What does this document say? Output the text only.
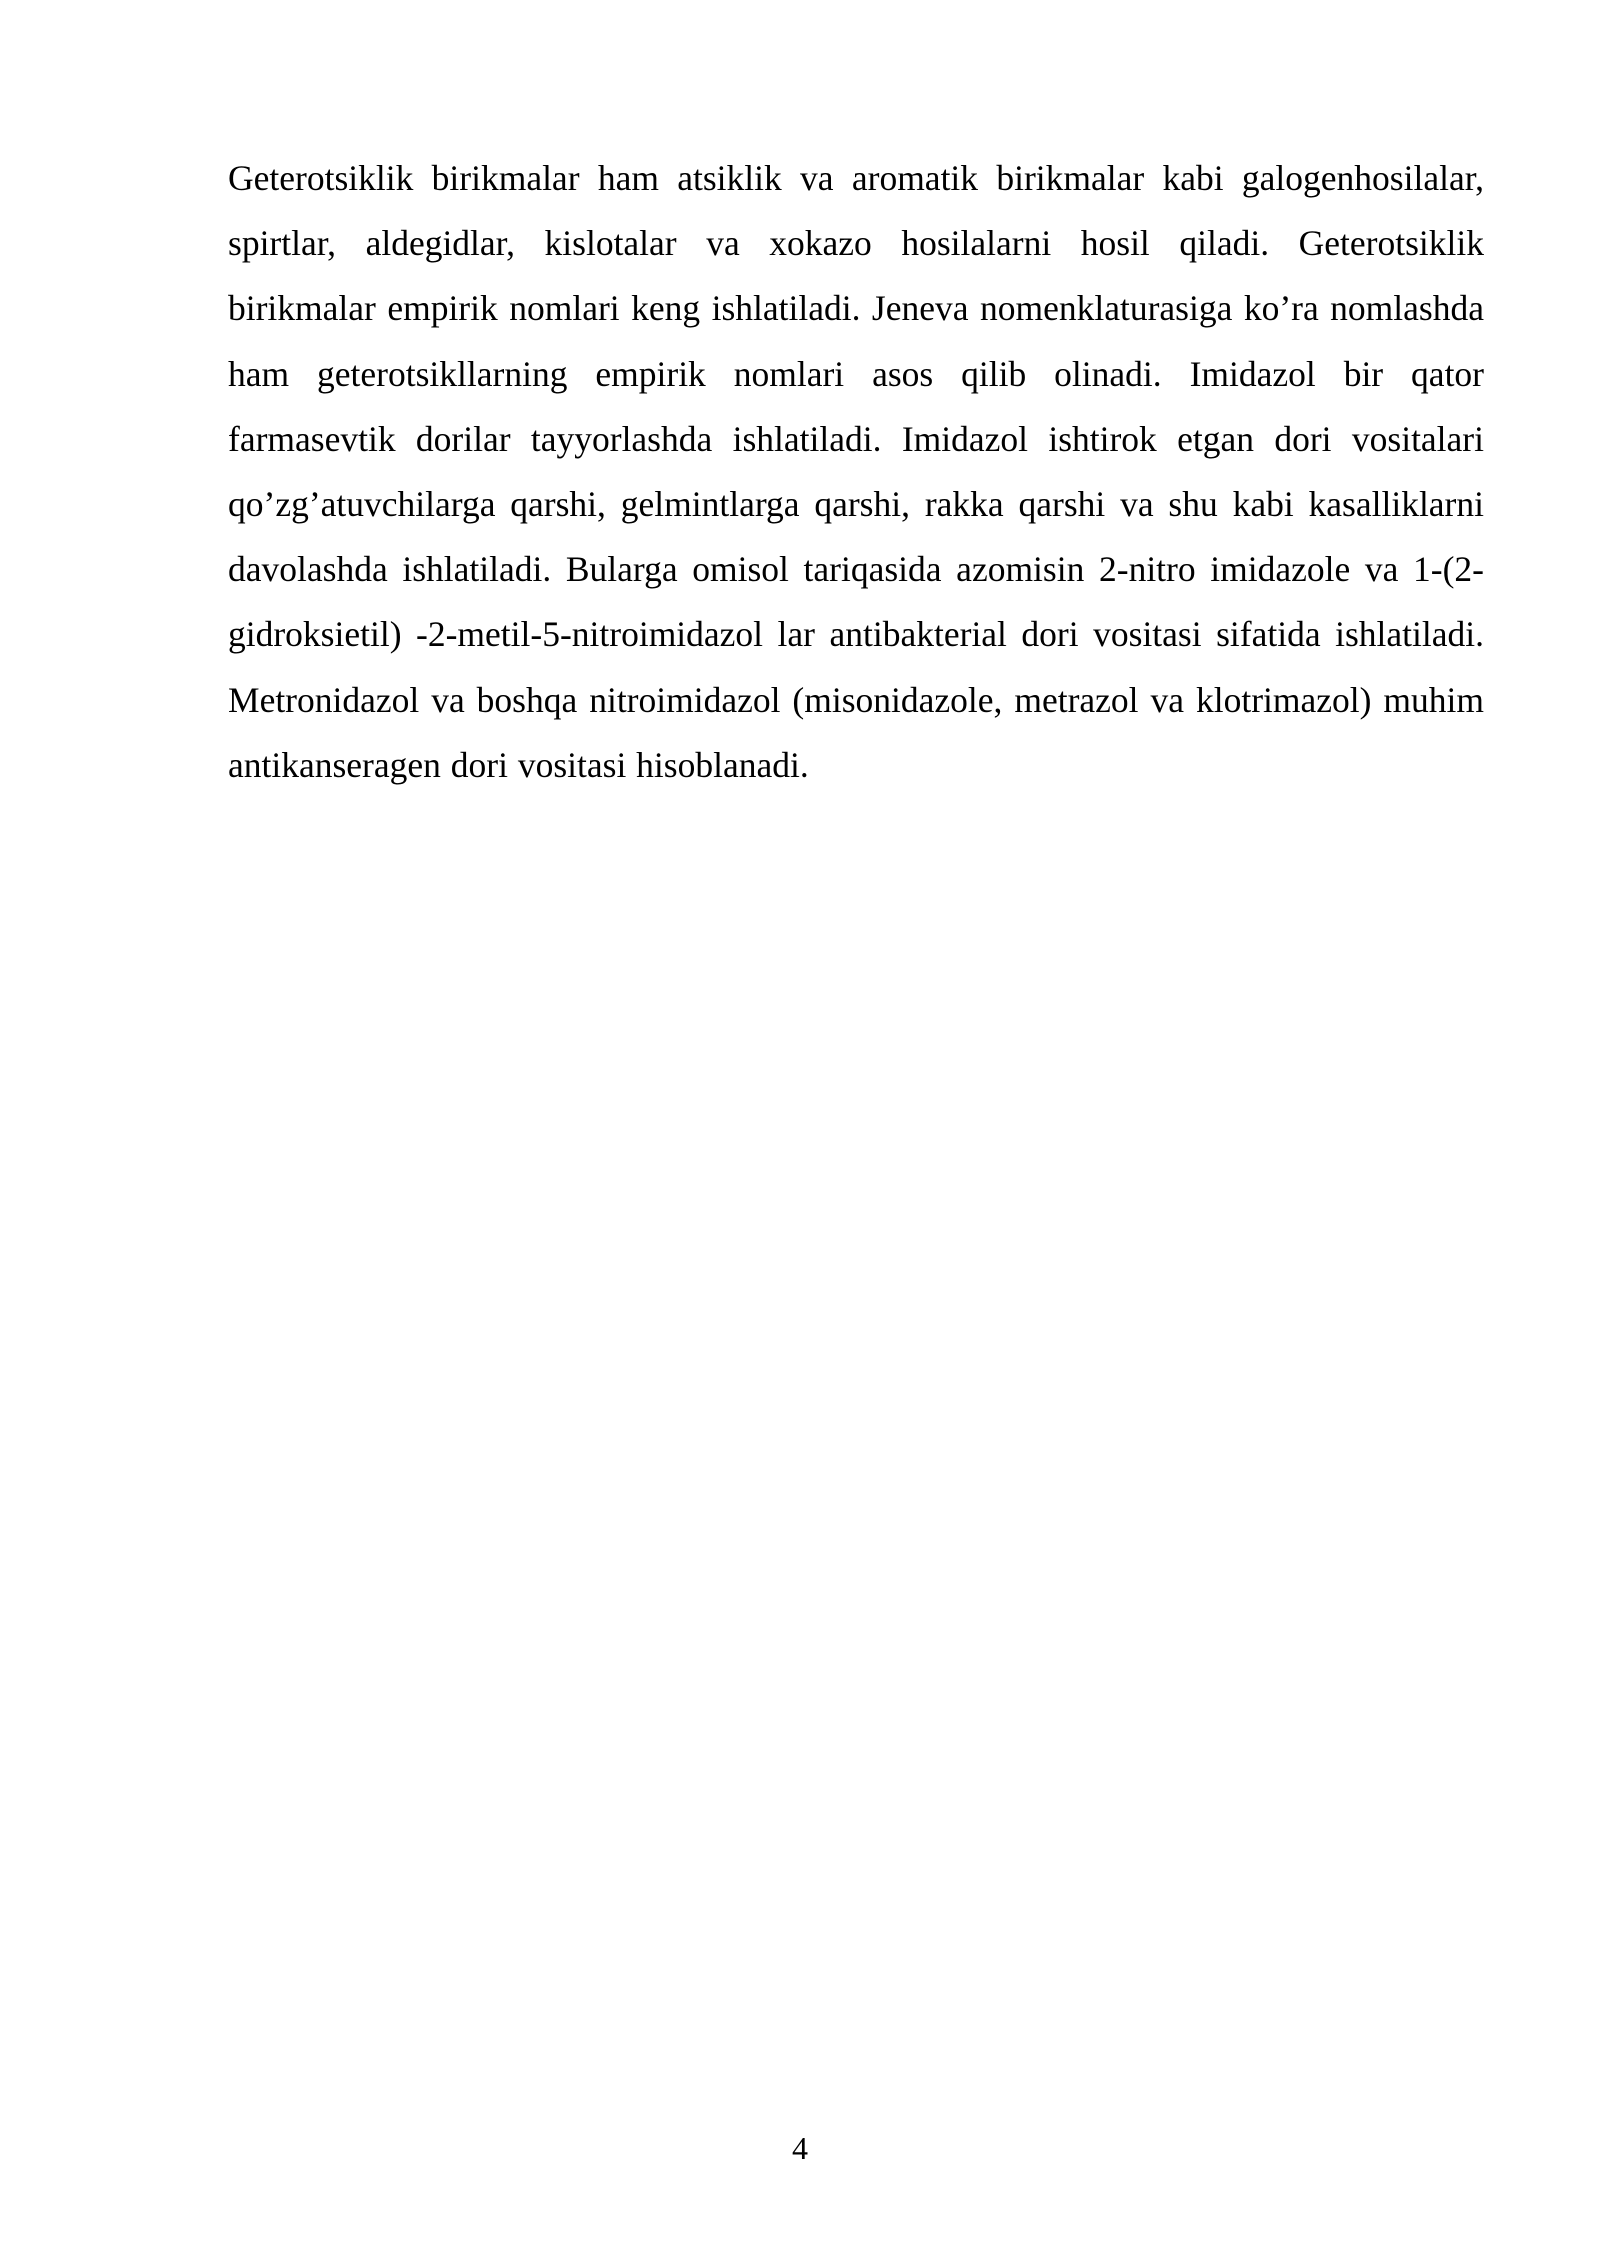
Geterotsiklik birikmalar ham atsiklik va aromatik birikmalar kabi galogenhosilalar, spirtlar, aldegidlar, kislotalar va xokazo hosilalarni hosil qiladi. Geterotsiklik birikmalar empirik nomlari keng ishlatiladi. Jeneva nomenklaturasiga ko’ra nomlashda ham geterotsikllarning empirik nomlari asos qilib olinadi. Imidazol bir qator farmasevtik dorilar tayyorlashda ishlatiladi. Imidazol ishtirok etgan dori vositalari qo’zg’atuvchilarga qarshi, gelmintlarga qarshi, rakka qarshi va shu kabi kasalliklarni davolashda ishlatiladi. Bularga omisol tariqasida azomisin 2-nitro imidazole va 1-(2-gidroksietil) -2-metil-5-nitroimidazol lar antibakterial dori vositasi sifatida ishlatiladi. Metronidazol va boshqa nitroimidazol (misonidazole, metrazol va klotrimazol) muhim antikanseragen dori vositasi hisoblanadi.

4
